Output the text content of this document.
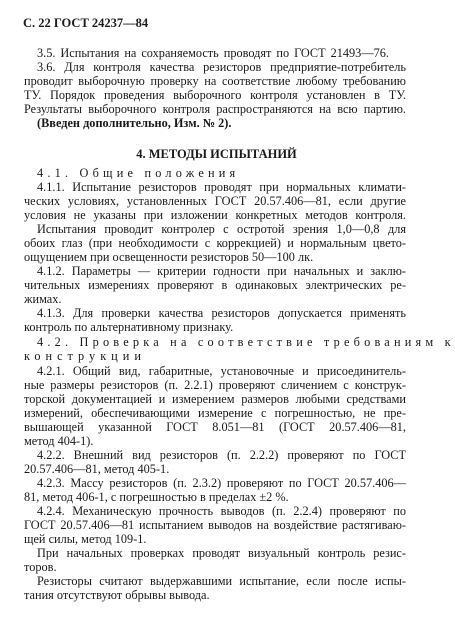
С. 22 ГОСТ 24237—84
3.5. Испытания на сохраняемость проводят по ГОСТ 21493—76.
3.6. Для контроля качества резисторов предприятие-потребитель
проводит выборочную проверку на соответствие любому требованию
ТУ. Порядок проведения выборочного контроля установлен в ТУ.
Результаты выборочного контроля распространяются на всю партию.
(Введен дополнительно, Изм. № 2).
4. МЕТОДЫ ИСПЫТАНИЙ
4.1. Общие положения
4.1.1. Испытание резисторов проводят при нормальных климати-
ческих условиях, установленных ГОСТ 20.57.406—81, если другие
условия не указаны при изложении конкретных методов контроля.
Испытания проводит контролер с остротой зрения 1,0—0,8 для
обоих глаз (при необходимости с коррекцией) и нормальным цвето-
ощущением при освещенности резисторов 50—100 лк.
4.1.2. Параметры — критерии годности при начальных и заклю-
чительных измерениях проверяют в одинаковых электрических ре-
жимах.
4.1.3. Для проверки качества резисторов допускается применять
контроль по альтернативному признаку.
4.2. Проверка на соответствие требованиям к
конструкции
4.2.1. Общий вид, габаритные, установочные и присоединитель-
ные размеры резисторов (п. 2.2.1) проверяют сличением с конструк-
торской документацией и измерением размеров любыми средствами
измерений, обеспечивающими измерение с погрешностью, не пре-
вышающей указанной ГОСТ 8.051—81 (ГОСТ 20.57.406—81,
метод 404-1).
4.2.2. Внешний вид резисторов (п. 2.2.2) проверяют по ГОСТ
20.57.406—81, метод 405-1.
4.2.3. Массу резисторов (п. 2.3.2) проверяют по ГОСТ 20.57.406—
81, метод 406-1, с погрешностью в пределах ±2 %.
4.2.4. Механическую прочность выводов (п. 2.2.4) проверяют по
ГОСТ 20.57.406—81 испытанием выводов на воздействие растягиваю-
щей силы, метод 109-1.
При начальных проверках проводят визуальный контроль резис-
торов.
Резисторы считают выдержавшими испытание, если после испы-
тания отсутствуют обрывы вывода.
